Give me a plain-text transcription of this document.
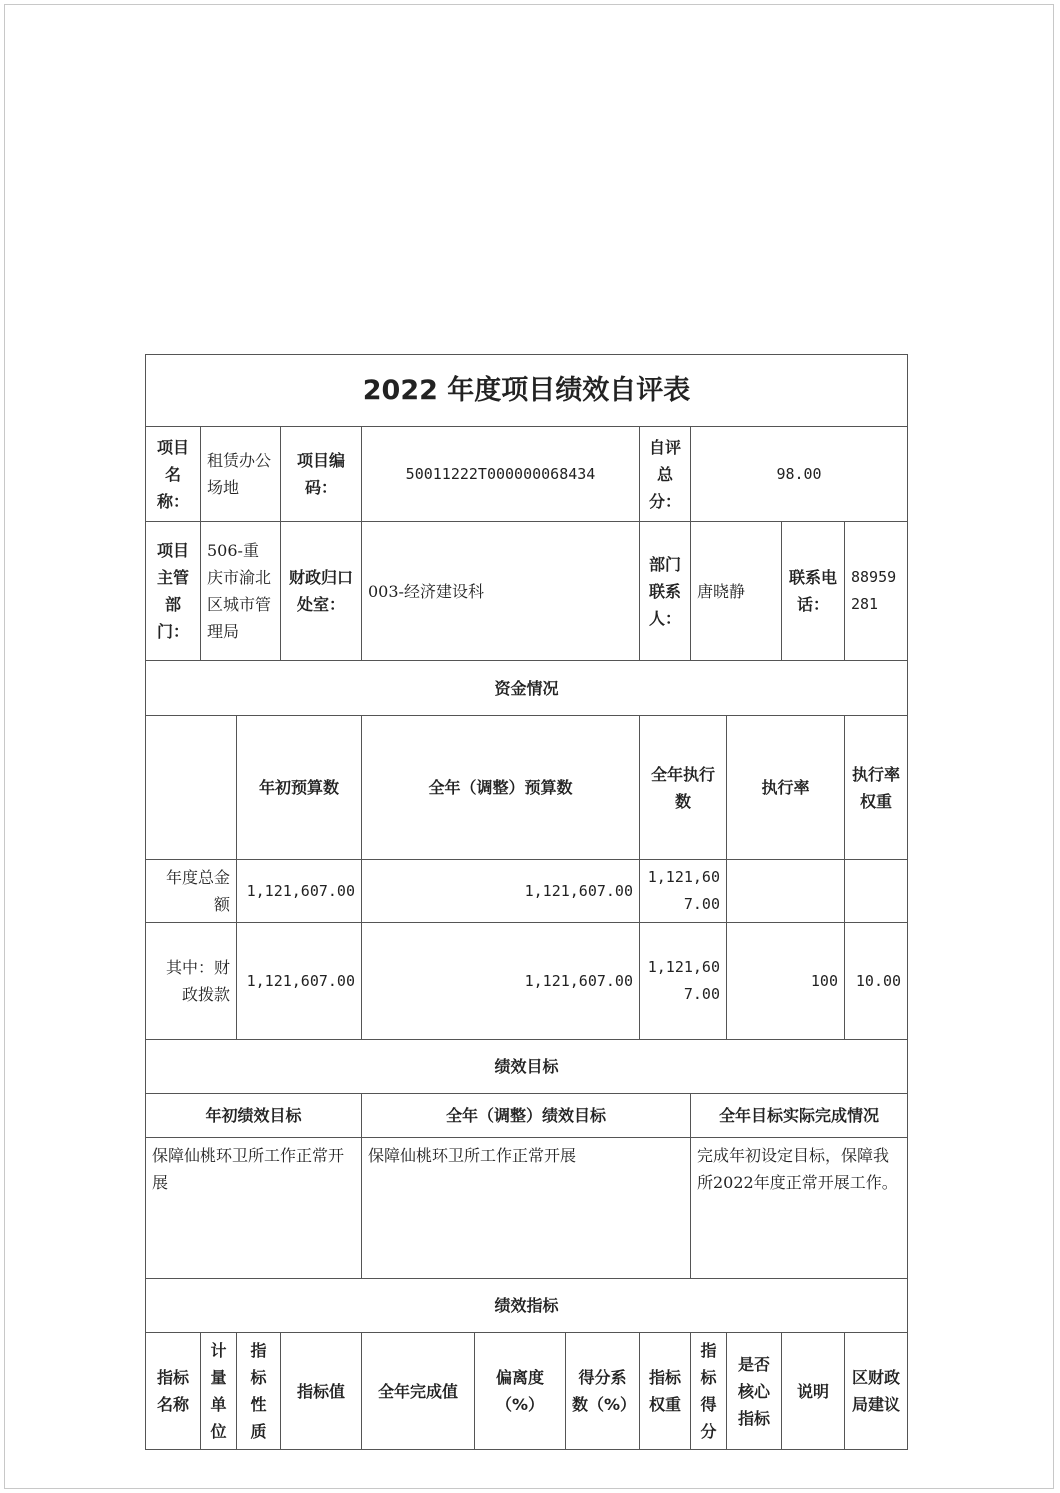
2022 年度项目绩效自评表												
项目名称：	租赁办公场地		项目编码：	50011222T000000068434			自评总分：	98.00				
项目主管部门：	506-重庆市渝北区城市管理局		财政归口处室：	003-经济建设科			部门联系人：	唐晓静		联系电话：	88959281	
资金情况												
		年初预算数		全年（调整）预算数			全年执行数		执行率		执行率权重	
年度总金额		1,121,607.00		1,121,607.00			1,121,607.00					
其中：财政拨款		1,121,607.00		1,121,607.00			1,121,607.00		100		10.00	
绩效目标												
年初绩效目标				全年（调整）绩效目标				全年目标实际完成情况				
保障仙桃环卫所工作正常开展				保障仙桃环卫所工作正常开展				完成年初设定目标，保障我所2022年度正常开展工作。				
绩效指标												
指标名称	计量单位	指标性质	指标值	全年完成值	偏离度（%）	得分系数（%）	指标权重	指标得分	是否核心指标	说明	区财政局建议	
